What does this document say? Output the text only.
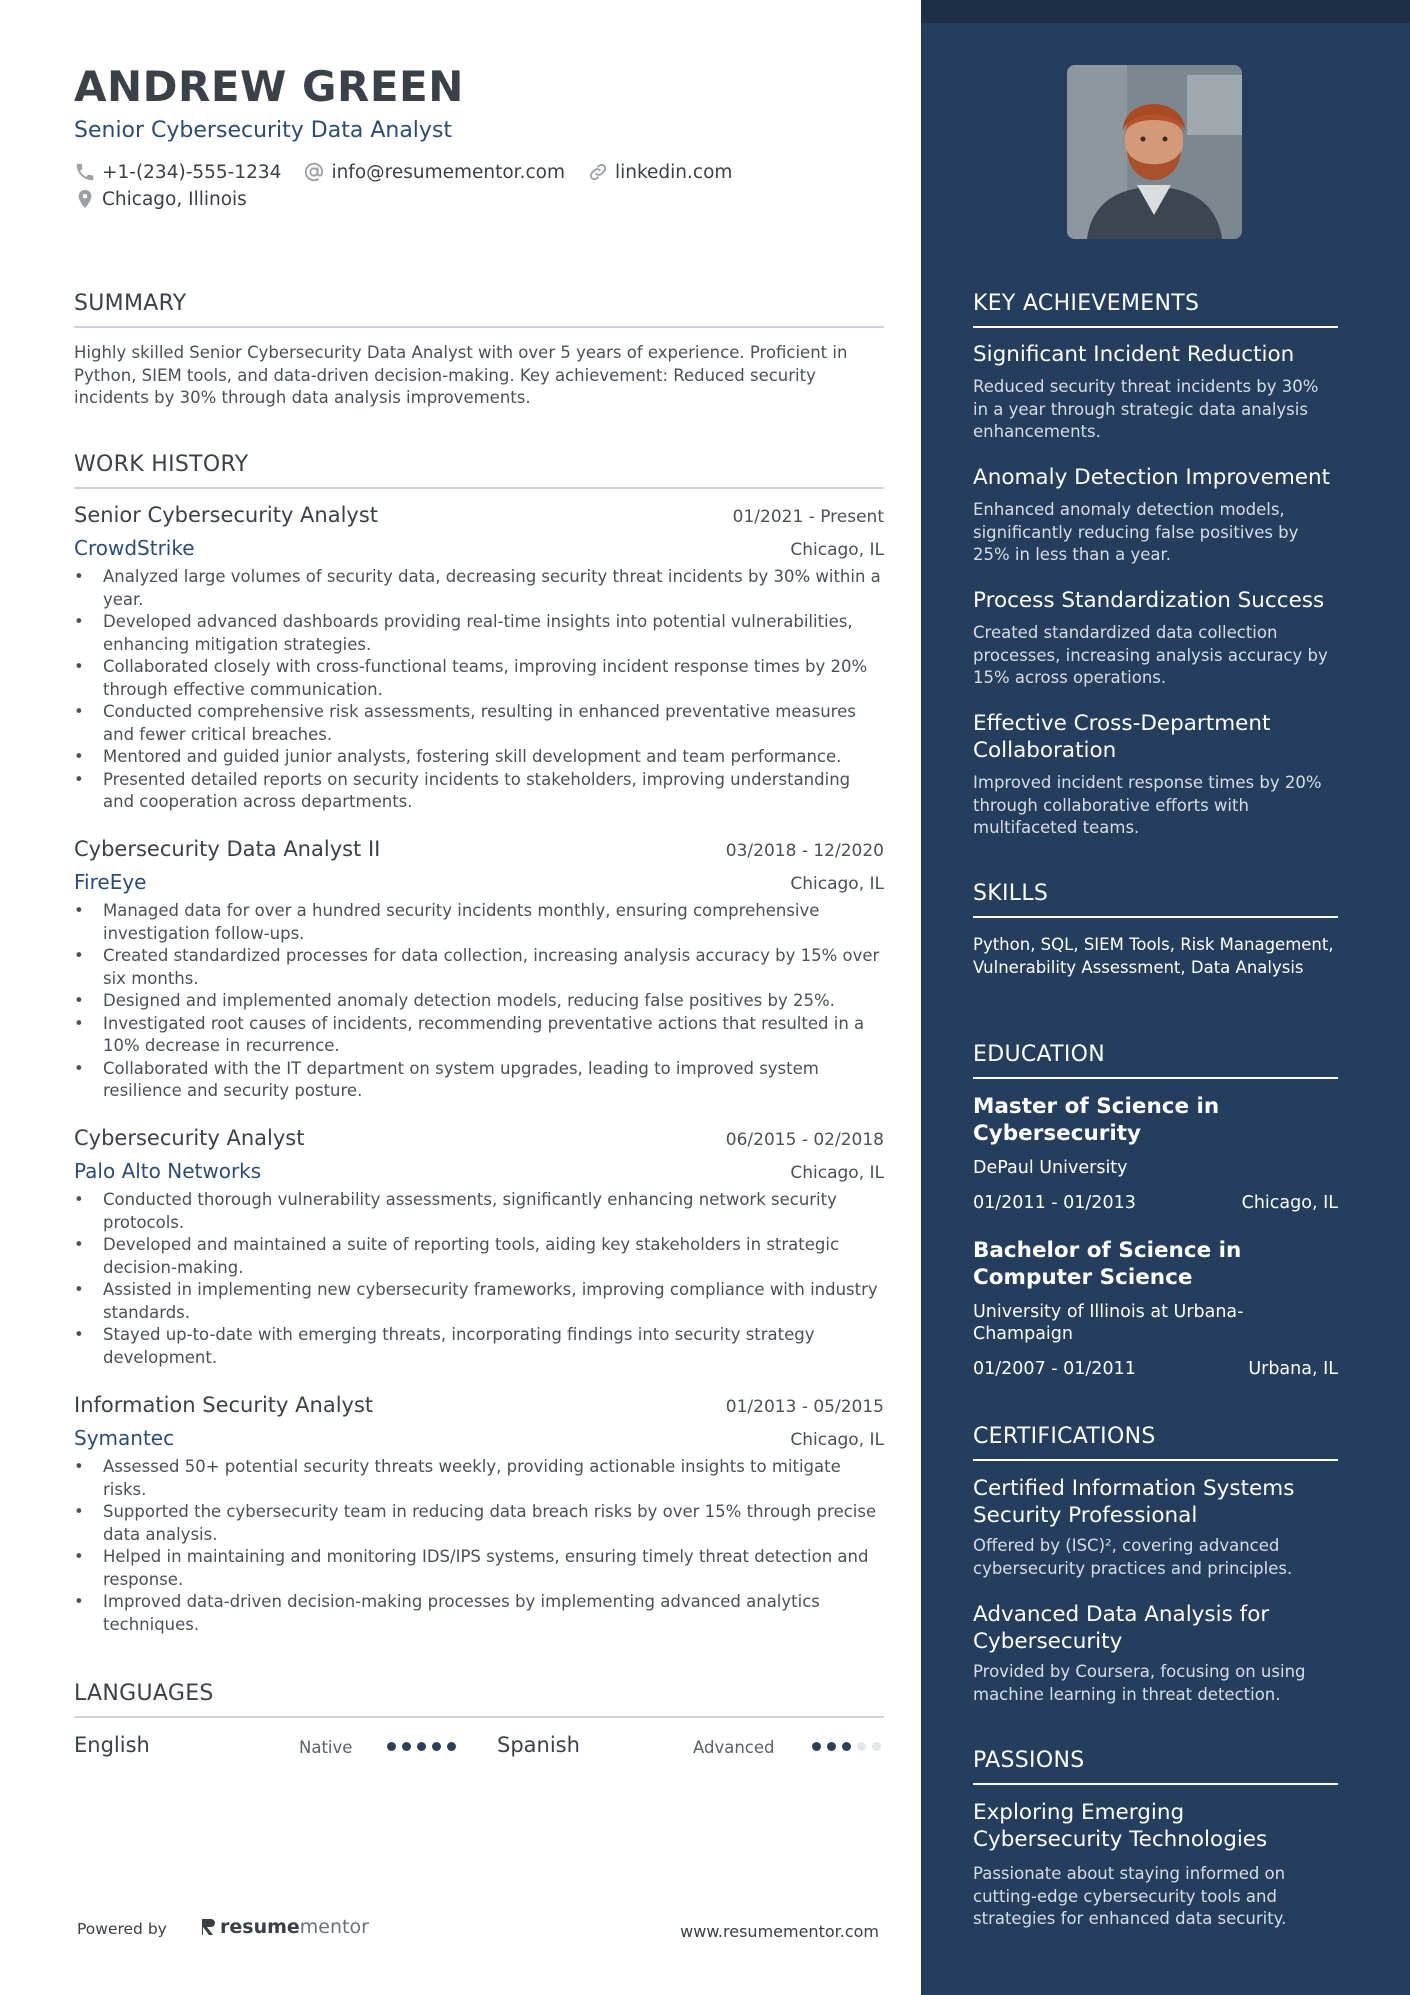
ANDREW GREEN
Senior Cybersecurity Data Analyst
+1-(234)-555-1234	info@resumementor.com	linkedin.com
Chicago, Illinois
SUMMARY
Highly skilled Senior Cybersecurity Data Analyst with over 5 years of experience. Proficient in Python, SIEM tools, and data-driven decision-making. Key achievement: Reduced security incidents by 30% through data analysis improvements.
WORK HISTORY
Senior Cybersecurity Analyst	01/2021 - Present
CrowdStrike	Chicago, IL
• Analyzed large volumes of security data, decreasing security threat incidents by 30% within a year.
• Developed advanced dashboards providing real-time insights into potential vulnerabilities, enhancing mitigation strategies.
• Collaborated closely with cross-functional teams, improving incident response times by 20% through effective communication.
• Conducted comprehensive risk assessments, resulting in enhanced preventative measures and fewer critical breaches.
• Mentored and guided junior analysts, fostering skill development and team performance.
• Presented detailed reports on security incidents to stakeholders, improving understanding and cooperation across departments.
Cybersecurity Data Analyst II	03/2018 - 12/2020
FireEye	Chicago, IL
• Managed data for over a hundred security incidents monthly, ensuring comprehensive investigation follow-ups.
• Created standardized processes for data collection, increasing analysis accuracy by 15% over six months.
• Designed and implemented anomaly detection models, reducing false positives by 25%.
• Investigated root causes of incidents, recommending preventative actions that resulted in a 10% decrease in recurrence.
• Collaborated with the IT department on system upgrades, leading to improved system resilience and security posture.
Cybersecurity Analyst	06/2015 - 02/2018
Palo Alto Networks	Chicago, IL
• Conducted thorough vulnerability assessments, significantly enhancing network security protocols.
• Developed and maintained a suite of reporting tools, aiding key stakeholders in strategic decision-making.
• Assisted in implementing new cybersecurity frameworks, improving compliance with industry standards.
• Stayed up-to-date with emerging threats, incorporating findings into security strategy development.
Information Security Analyst	01/2013 - 05/2015
Symantec	Chicago, IL
• Assessed 50+ potential security threats weekly, providing actionable insights to mitigate risks.
• Supported the cybersecurity team in reducing data breach risks by over 15% through precise data analysis.
• Helped in maintaining and monitoring IDS/IPS systems, ensuring timely threat detection and response.
• Improved data-driven decision-making processes by implementing advanced analytics techniques.
LANGUAGES
English	Native	Spanish	Advanced
Powered by	resume mentor	www.resumementor.com
KEY ACHIEVEMENTS
Significant Incident Reduction
Reduced security threat incidents by 30% in a year through strategic data analysis enhancements.
Anomaly Detection Improvement
Enhanced anomaly detection models, significantly reducing false positives by 25% in less than a year.
Process Standardization Success
Created standardized data collection processes, increasing analysis accuracy by 15% across operations.
Effective Cross-Department Collaboration
Improved incident response times by 20% through collaborative efforts with multifaceted teams.
SKILLS
Python, SQL, SIEM Tools, Risk Management, Vulnerability Assessment, Data Analysis
EDUCATION
Master of Science in Cybersecurity
DePaul University
01/2011 - 01/2013	Chicago, IL
Bachelor of Science in Computer Science
University of Illinois at Urbana-Champaign
01/2007 - 01/2011	Urbana, IL
CERTIFICATIONS
Certified Information Systems Security Professional
Offered by (ISC)², covering advanced cybersecurity practices and principles.
Advanced Data Analysis for Cybersecurity
Provided by Coursera, focusing on using machine learning in threat detection.
PASSIONS
Exploring Emerging Cybersecurity Technologies
Passionate about staying informed on cutting-edge cybersecurity tools and strategies for enhanced data security.
